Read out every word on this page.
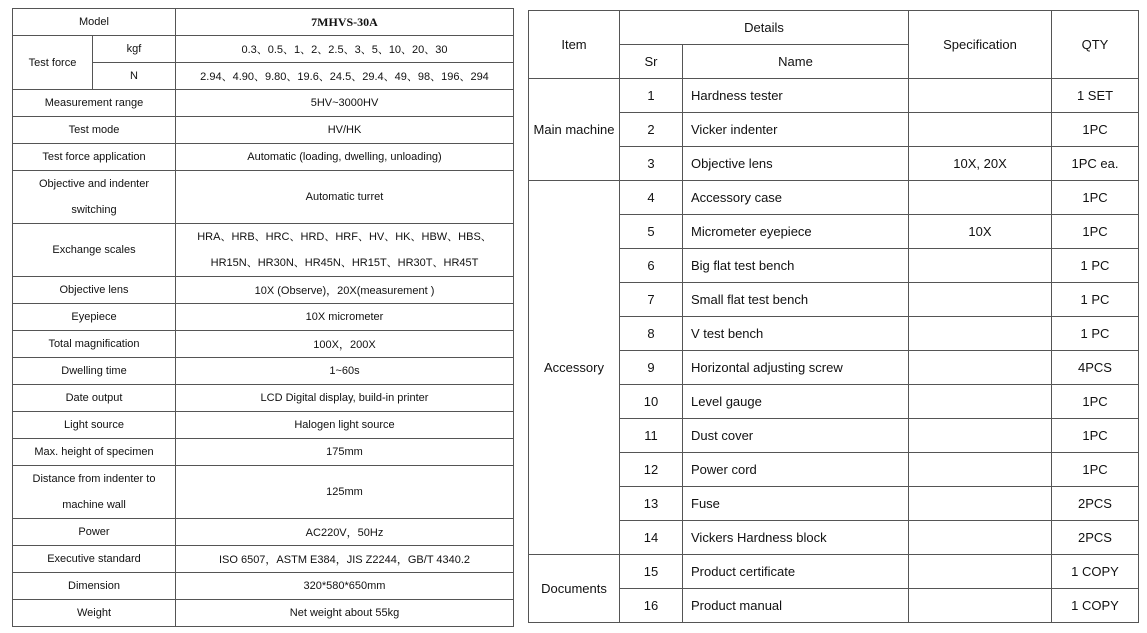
Model		7MHVS-30A
Test force	kgf	0.3、0.5、1、2、2.5、3、5、10、20、30
	N	2.94、4.90、9.80、19.6、24.5、29.4、49、98、196、294
Measurement range		5HV~3000HV
Test mode		HV/HK
Test force application		Automatic (loading, dwelling, unloading)
Objective and indenter switching		Automatic turret
Exchange scales		HRA、HRB、HRC、HRD、HRF、HV、HK、HBW、HBS、HR15N、HR30N、HR45N、HR15T、HR30T、HR45T
Objective lens		10X (Observe)，20X(measurement )
Eyepiece		10X micrometer
Total magnification		100X，200X
Dwelling time		1~60s
Date output		LCD Digital display, build-in printer
Light source		Halogen light source
Max. height of specimen		175mm
Distance from indenter to machine wall		125mm
Power		AC220V，50Hz
Executive standard		ISO 6507，ASTM E384，JIS Z2244，GB/T 4340.2
Dimension		320*580*650mm
Weight		Net weight about 55kg
Item	Details		Specification	QTY
	Sr	Name		
Main machine	1	Hardness tester		1 SET
	2	Vicker indenter		1PC
	3	Objective lens	10X, 20X	1PC ea.
Accessory	4	Accessory case		1PC
	5	Micrometer eyepiece	10X	1PC
	6	Big flat test bench		1 PC
	7	Small flat test bench		1 PC
	8	V test bench		1 PC
	9	Horizontal adjusting screw		4PCS
	10	Level gauge		1PC
	11	Dust cover		1PC
	12	Power cord		1PC
	13	Fuse		2PCS
	14	Vickers Hardness block		2PCS
Documents	15	Product certificate		1 COPY
	16	Product manual		1 COPY
